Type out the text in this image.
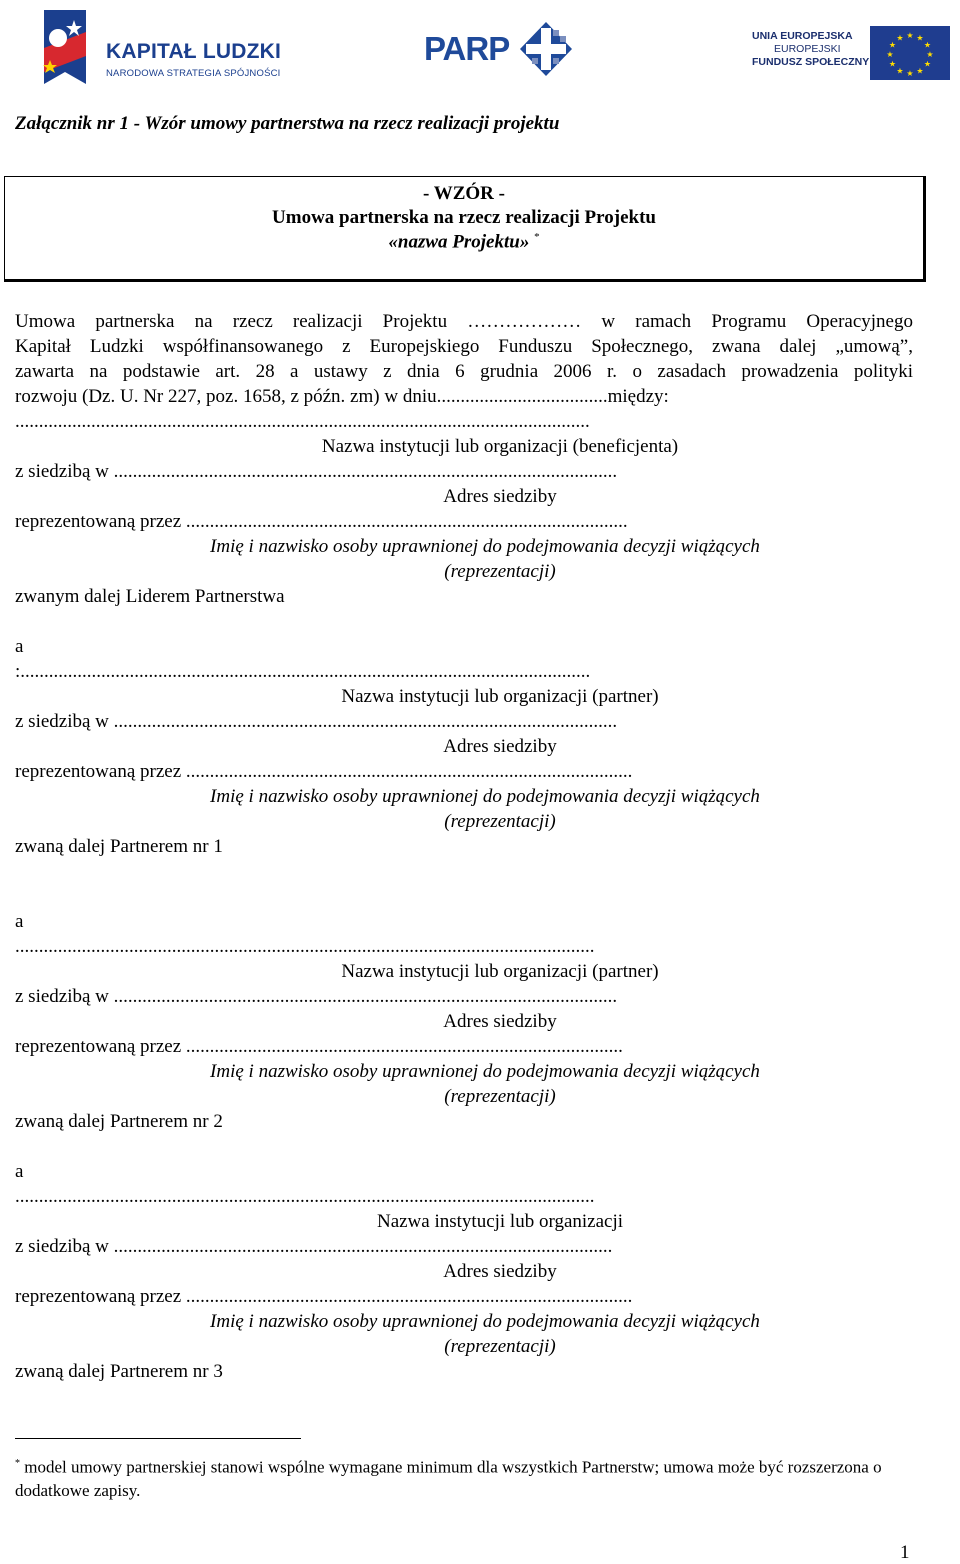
KAPITAŁ LUDZKI
NARODOWA STRATEGIA SPÓJNOŚCI
PARP	UNIA EUROPEJSKA
EUROPEJSKI
FUNDUSZ SPOŁECZNY
★ ★
★
★
★
★
★
★
★
★
★
★
Załącznik nr 1 - Wzór umowy partnerstwa na rzecz realizacji projektu
- WZÓR -
Umowa partnerska na rzecz realizacji Projektu
«nazwa Projektu» *
Umowa partnerska na rzecz realizacji Projektu ……………… w ramach Programu Operacyjnego
Kapitał Ludzki współfinansowanego z Europejskiego Funduszu Społecznego, zwana dalej „umową”,
zawarta na podstawie art. 28 a ustawy z dnia 6 grudnia 2006 r. o zasadach prowadzenia polityki
rozwoju (Dz. U. Nr 227, poz. 1658, z późn. zm) w dniu....................................między:
.........................................................................................................................
Nazwa instytucji lub organizacji (beneficjenta)
z siedzibą w ..........................................................................................................
Adres siedziby
reprezentowaną przez .............................................................................................
Imię i nazwisko osoby uprawnionej do podejmowania decyzji wiążących
(reprezentacji)
zwanym dalej Liderem Partnerstwa
a
:........................................................................................................................
Nazwa instytucji lub organizacji (partner)
z siedzibą w ..........................................................................................................
Adres siedziby
reprezentowaną przez ..............................................................................................
Imię i nazwisko osoby uprawnionej do podejmowania decyzji wiążących
(reprezentacji)
zwaną dalej Partnerem nr 1
a
..........................................................................................................................
Nazwa instytucji lub organizacji (partner)
z siedzibą w ..........................................................................................................
Adres siedziby
reprezentowaną przez ............................................................................................
Imię i nazwisko osoby uprawnionej do podejmowania decyzji wiążących
(reprezentacji)
zwaną dalej Partnerem nr 2
a
..........................................................................................................................
Nazwa instytucji lub organizacji
z siedzibą w .........................................................................................................
Adres siedziby
reprezentowaną przez ..............................................................................................
Imię i nazwisko osoby uprawnionej do podejmowania decyzji wiążących
(reprezentacji)
zwaną dalej Partnerem nr 3
* model umowy partnerskiej stanowi wspólne wymagane minimum dla wszystkich Partnerstw; umowa może być rozszerzona o dodatkowe zapisy.
1
